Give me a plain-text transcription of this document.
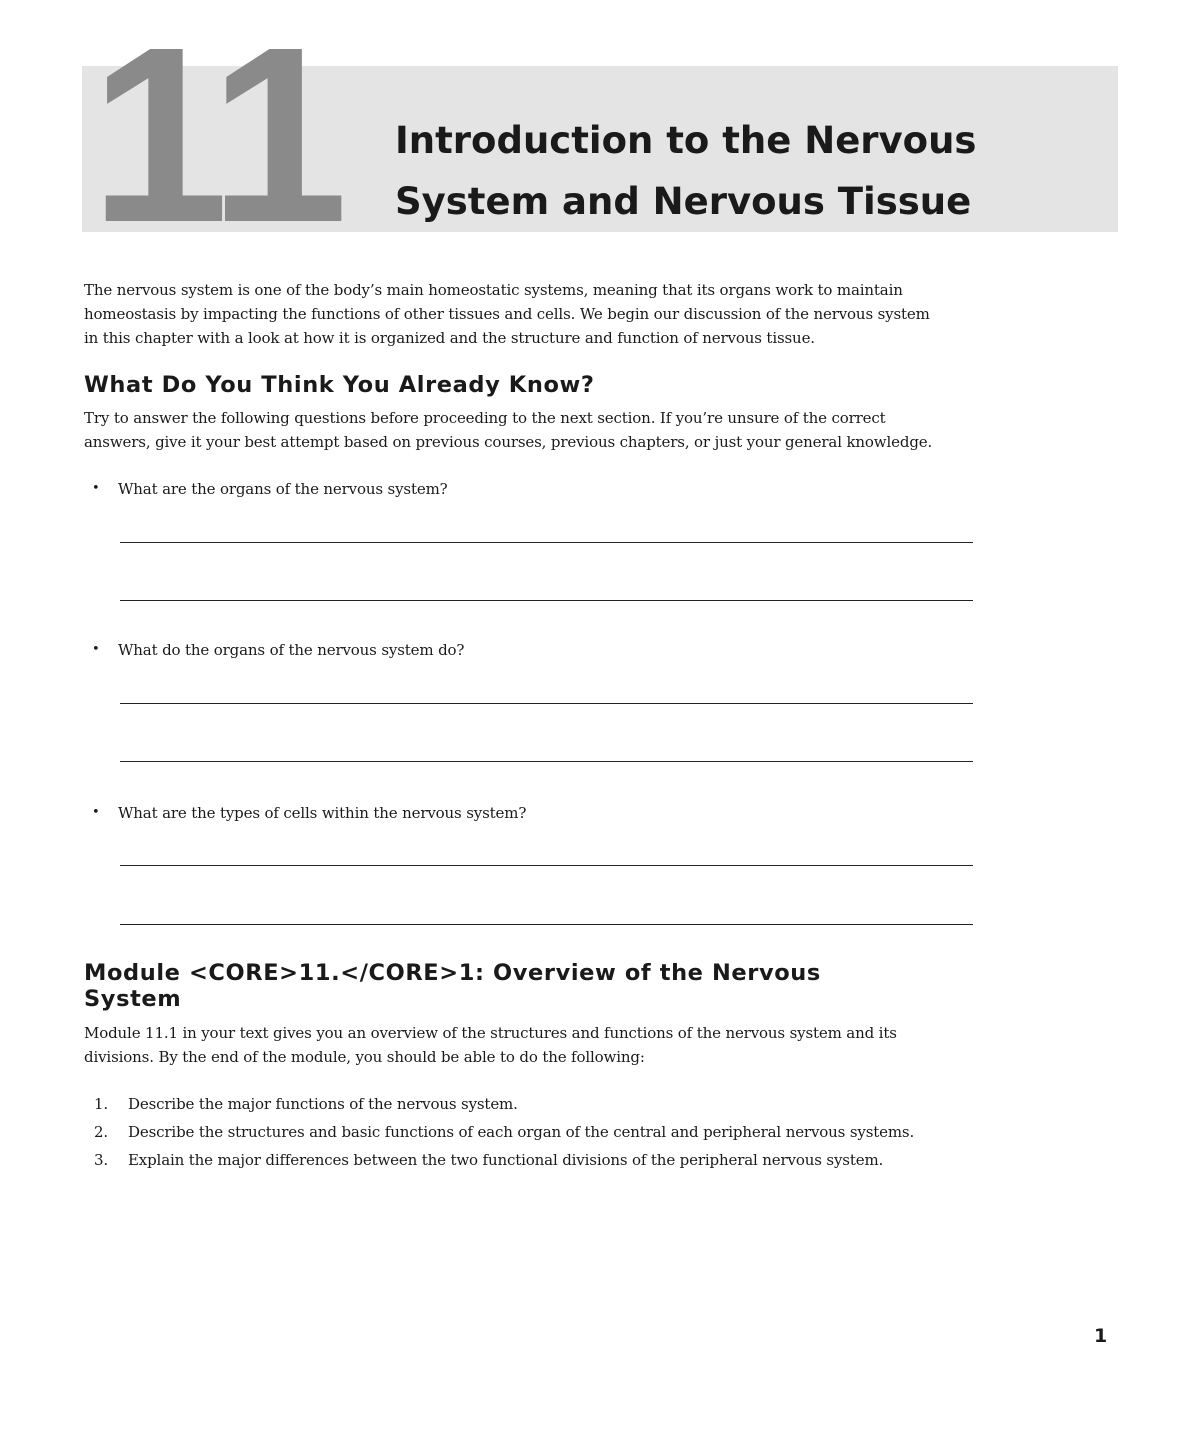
11 Introduction to the Nervous
System and Nervous Tissue

The nervous system is one of the body’s main homeostatic systems, meaning that its organs work to maintain
homeostasis by impacting the functions of other tissues and cells. We begin our discussion of the nervous system
in this chapter with a look at how it is organized and the structure and function of nervous tissue.

What Do You Think You Already Know?

Try to answer the following questions before proceeding to the next section. If you’re unsure of the correct
answers, give it your best attempt based on previous courses, previous chapters, or just your general knowledge.

• What are the organs of the nervous system?
• What do the organs of the nervous system do?
• What are the types of cells within the nervous system?
Module <CORE>11.</CORE>1: Overview of the Nervous
System

Module 11.1 in your text gives you an overview of the structures and functions of the nervous system and its
divisions. By the end of the module, you should be able to do the following:

1. Describe the major functions of the nervous system.
2. Describe the structures and basic functions of each organ of the central and peripheral nervous systems.
3. Explain the major differences between the two functional divisions of the peripheral nervous system.
1
